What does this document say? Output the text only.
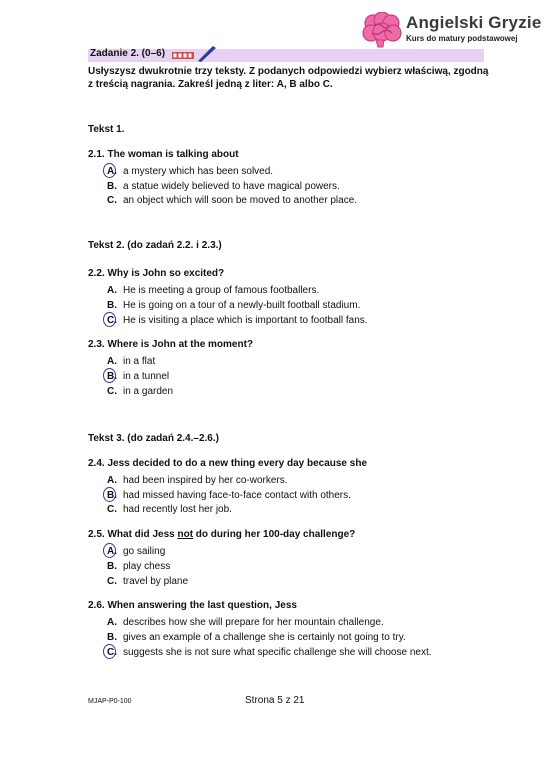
Angielski Gryzie
Kurs do matury podstawowej
Zadanie 2. (0–6)
Usłyszysz dwukrotnie trzy teksty. Z podanych odpowiedzi wybierz właściwą, zgodną
z treścią nagrania. Zakreśl jedną z liter: A, B albo C.
Tekst 1.
2.1. The woman is talking about
A. a mystery which has been solved.
B. a statue widely believed to have magical powers.
C. an object which will soon be moved to another place.
Tekst 2. (do zadań 2.2. i 2.3.)
2.2. Why is John so excited?
A. He is meeting a group of famous footballers.
B. He is going on a tour of a newly-built football stadium.
C. He is visiting a place which is important to football fans.
2.3. Where is John at the moment?
A. in a flat
B. in a tunnel
C. in a garden
Tekst 3. (do zadań 2.4.–2.6.)
2.4. Jess decided to do a new thing every day because she
A. had been inspired by her co-workers.
B. had missed having face-to-face contact with others.
C. had recently lost her job.
2.5. What did Jess not do during her 100-day challenge?
A. go sailing
B. play chess
C. travel by plane
2.6. When answering the last question, Jess
A. describes how she will prepare for her mountain challenge.
B. gives an example of a challenge she is certainly not going to try.
C. suggests she is not sure what specific challenge she will choose next.
MJAP-P0-100	Strona 5 z 21
